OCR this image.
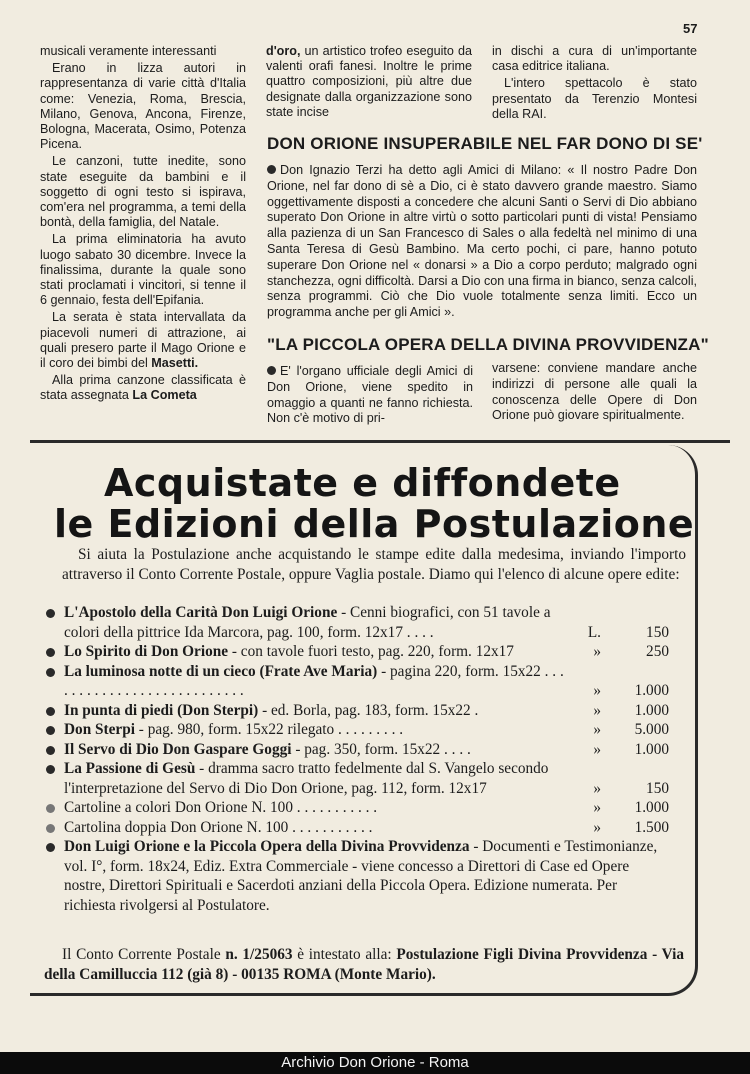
57

musicali veramente interessanti

Erano in lizza autori in rappresentanza di varie città d'Italia come: Venezia, Roma, Brescia, Milano, Genova, Ancona, Firenze, Bologna, Macerata, Osimo, Potenza Picena.

Le canzoni, tutte inedite, sono state eseguite da bambini e il soggetto di ogni testo si ispirava, com'era nel programma, a temi della bontà, della famiglia, del Natale.

La prima eliminatoria ha avuto luogo sabato 30 dicembre. Invece la finalissima, durante la quale sono stati proclamati i vincitori, si tenne il 6 gennaio, festa dell'Epifania.

La serata è stata intervallata da piacevoli numeri di attrazione, ai quali presero parte il Mago Orione e il coro dei bimbi del Masetti.

Alla prima canzone classificata è stata assegnata La Cometa

d'oro, un artistico trofeo eseguito da valenti orafi fanesi. Inoltre le prime quattro composizioni, più altre due designate dalla organizzazione sono state incise

in dischi a cura di un'importante casa editrice italiana.

L'intero spettacolo è stato presentato da Terenzio Montesi della RAI.

DON ORIONE INSUPERABILE NEL FAR DONO DI SE'

Don Ignazio Terzi ha detto agli Amici di Milano: « Il nostro Padre Don Orione, nel far dono di sè a Dio, ci è stato davvero grande maestro. Siamo oggettivamente disposti a concedere che alcuni Santi o Servi di Dio abbiano superato Don Orione in altre virtù o sotto particolari punti di vista! Pensiamo alla pazienza di un San Francesco di Sales o alla fedeltà nel minimo di una Santa Teresa di Gesù Bambino. Ma certo pochi, ci pare, hanno potuto superare Don Orione nel « donarsi » a Dio a corpo perduto; malgrado ogni stanchezza, ogni difficoltà. Darsi a Dio con una firma in bianco, senza calcoli, senza programmi. Ciò che Dio vuole totalmente senza limiti. Ecco un programma anche per gli Amici ».

"LA PICCOLA OPERA DELLA DIVINA PROVVIDENZA"

E' l'organo ufficiale degli Amici di Don Orione, viene spedito in omaggio a quanti ne fanno richiesta. Non c'è motivo di pri-

varsene: conviene mandare anche indirizzi di persone alle quali la conoscenza delle Opere di Don Orione può giovare spiritualmente.

Acquistate e diffondete
le Edizioni della Postulazione
Si aiuta la Postulazione anche acquistando le stampe edite dalla medesima, inviando l'importo attraverso il Conto Corrente Postale, oppure Vaglia postale. Diamo qui l'elenco di alcune opere edite:
L'Apostolo della Carità Don Luigi Orione - Cenni biografici, con 51 tavole a colori della pittrice Ida Marcora, pag. 100, form. 12x17 . . . .	L.	150
Lo Spirito di Don Orione - con tavole fuori testo, pag. 220, form. 12x17	»	250
La luminosa notte di un cieco (Frate Ave Maria) - pagina 220, form. 15x22 . . . . . . . . . . . . . . . . . . . . . . . . . . .	»	1.000
In punta di piedi (Don Sterpi) - ed. Borla, pag. 183, form. 15x22 .	»	1.000
Don Sterpi - pag. 980, form. 15x22 rilegato . . . . . . . . .	»	5.000
Il Servo di Dio Don Gaspare Goggi - pag. 350, form. 15x22 . . . .	»	1.000
La Passione di Gesù - dramma sacro tratto fedelmente dal S. Vangelo secondo l'interpretazione del Servo di Dio Don Orione, pag. 112, form. 12x17	»	150
Cartoline a colori Don Orione N. 100 . . . . . . . . . . .	»	1.000
Cartolina doppia Don Orione N. 100 . . . . . . . . . . .	»	1.500
Don Luigi Orione e la Piccola Opera della Divina Provvidenza - Documenti e Testimonianze, vol. I°, form. 18x24, Ediz. Extra Commerciale - viene concesso a Direttori di Case ed Opere nostre, Direttori Spirituali e Sacerdoti anziani della Piccola Opera. Edizione numerata. Per richiesta rivolgersi al Postulatore.
Il Conto Corrente Postale n. 1/25063 è intestato alla: Postulazione Figli Divina Provvidenza - Via della Camilluccia 112 (già 8) - 00135 ROMA (Monte Mario).
Archivio Don Orione - Roma
